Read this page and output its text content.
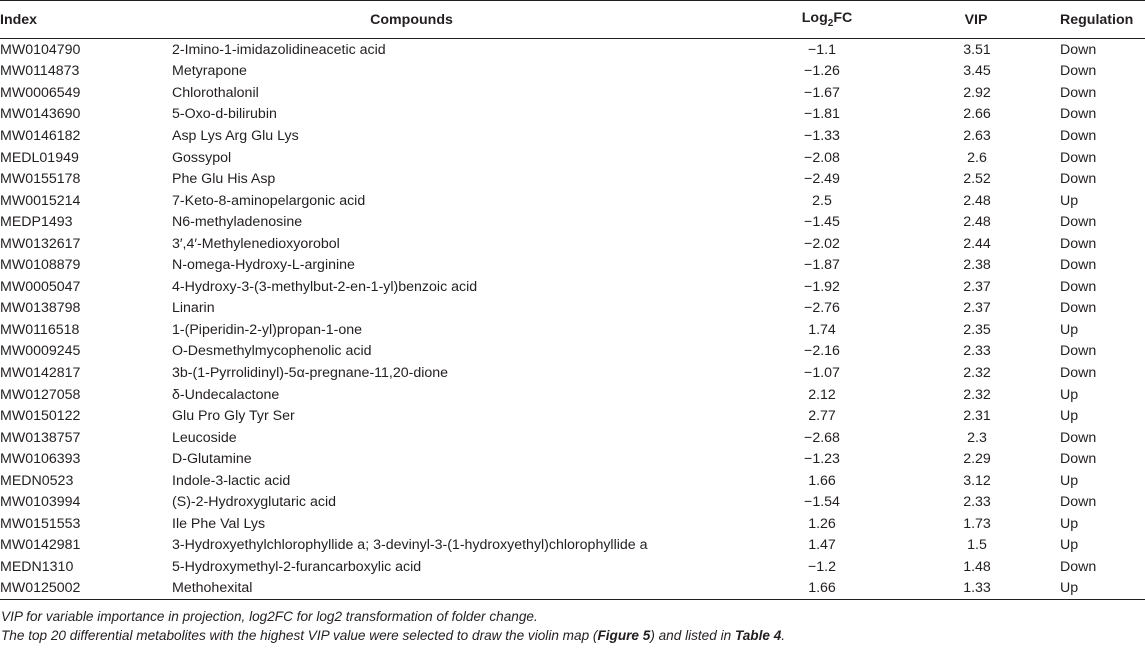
Index	Compounds	Log$_2$FC	VIP	Regulation
MW0104790	2-Imino-1-imidazolidineacetic acid	−1.1	3.51	Down
MW0114873	Metyrapone	−1.26	3.45	Down
MW0006549	Chlorothalonil	−1.67	2.92	Down
MW0143690	5-Oxo-d-bilirubin	−1.81	2.66	Down
MW0146182	Asp Lys Arg Glu Lys	−1.33	2.63	Down
MEDL01949	Gossypol	−2.08	2.6	Down
MW0155178	Phe Glu His Asp	−2.49	2.52	Down
MW0015214	7-Keto-8-aminopelargonic acid	2.5	2.48	Up
MEDP1493	N6-methyladenosine	−1.45	2.48	Down
MW0132617	3′,4′-Methylenedioxyorobol	−2.02	2.44	Down
MW0108879	N-omega-Hydroxy-L-arginine	−1.87	2.38	Down
MW0005047	4-Hydroxy-3-(3-methylbut-2-en-1-yl)benzoic acid	−1.92	2.37	Down
MW0138798	Linarin	−2.76	2.37	Down
MW0116518	1-(Piperidin-2-yl)propan-1-one	1.74	2.35	Up
MW0009245	O-Desmethylmycophenolic acid	−2.16	2.33	Down
MW0142817	3b-(1-Pyrrolidinyl)-5α-pregnane-11,20-dione	−1.07	2.32	Down
MW0127058	δ-Undecalactone	2.12	2.32	Up
MW0150122	Glu Pro Gly Tyr Ser	2.77	2.31	Up
MW0138757	Leucoside	−2.68	2.3	Down
MW0106393	D-Glutamine	−1.23	2.29	Down
MEDN0523	Indole-3-lactic acid	1.66	3.12	Up
MW0103994	(S)-2-Hydroxyglutaric acid	−1.54	2.33	Down
MW0151553	Ile Phe Val Lys	1.26	1.73	Up
MW0142981	3-Hydroxyethylchlorophyllide a; 3-devinyl-3-(1-hydroxyethyl)chlorophyllide a	1.47	1.5	Up
MEDN1310	5-Hydroxymethyl-2-furancarboxylic acid	−1.2	1.48	Down
MW0125002	Methohexital	1.66	1.33	Up
VIP for variable importance in projection, log2FC for log2 transformation of folder change.
The top 20 differential metabolites with the highest VIP value were selected to draw the violin map (Figure 5) and listed in Table 4.
